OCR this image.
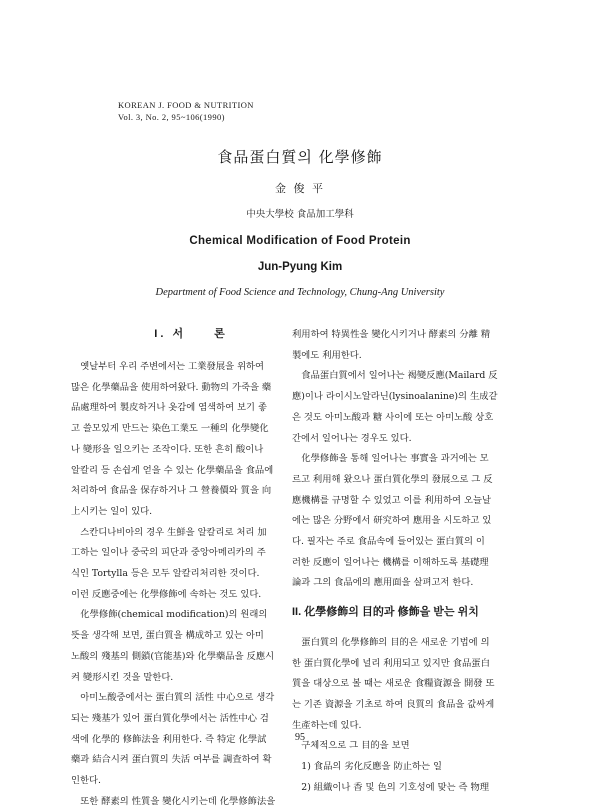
KOREAN J. FOOD & NUTRITION
Vol. 3, No. 2, 95~106(1990)
食品蛋白質의 化學修飾
金 俊 平
中央大學校 食品加工學科
Chemical Modification of Food Protein
Jun-Pyung Kim
Department of Food Science and Technology, Chung-Ang University
I. 서　　론

　옛날부터 우리 주변에서는 工業發展을 위하여

많은 化學藥品을 使用하여왔다. 動物의 가죽을 藥

品處理하여 製皮하거나 옷감에 염색하여 보기 좋

고 쓸모있게 만드는 染色工業도 一種의 化學變化

나 變形을 일으키는 조작이다. 또한 흔히 酸이나

알칼리 등 손쉽게 얻을 수 있는 化學藥品을 食品에

처리하여 食品을 保存하거나 그 營養價와 質을 向

上시키는 일이 있다.

　스칸디나비아의 경우 生鮮을 알칼리로 처리 加

工하는 일이나 중국의 피단과 중앙아메리카의 주

식인 Tortylla 등은 모두 알칼리처리한 것이다.

이런 反應중에는 化學修飾에 속하는 것도 있다.

　化學修飾(chemical modification)의 원래의

뜻을 생각해 보면, 蛋白質을 構成하고 있는 아미

노酸의 殘基의 側鎖(官能基)와 化學藥品을 反應시

켜 變形시킨 것을 말한다.

　아미노酸중에서는 蛋白質의 活性 中心으로 생각

되는 殘基가 있어 蛋白質化學에서는 活性中心 검

색에 化學的 修飾法을 利用한다. 즉 特定 化學試

藥과 結合시켜 蛋白質의 失活 여부를 調査하여 확

인한다.

　또한 酵素의 性質을 變化시키는데 化學修飾法을

利用하여 特異性을 變化시키거나 酵素의 分離 精

製에도 利用한다.

　食品蛋白質에서 일어나는 褐變反應(Mailard 反

應)이나 라이시노알라닌(lysinoalanine)의 生成같

은 것도 아미노酸과 糖 사이에 또는 아미노酸 상호

간에서 일어나는 경우도 있다.

　化學修飾을 통해 일어나는 事實을 과거에는 모

르고 利用해 왔으나 蛋白質化學의 發展으로 그 反

應機構를 규명할 수 있었고 이를 利用하여 오늘날

에는 많은 分野에서 研究하여 應用을 시도하고 있

다. 필자는 주로 食品속에 들어있는 蛋白質의 이

러한 反應이 일어나는 機構를 이해하도록 基礎理

論과 그의 食品에의 應用面을 살펴고저 한다.

II. 化學修飾의 目的과 修飾을 받는 위치

　蛋白質의 化學修飾의 目的은 새로운 기법에 의

한 蛋白質化學에 널리 利用되고 있지만 食品蛋白

質을 대상으로 볼 때는 새로운 食糧資源을 開發 또

는 기존 資源을 기초로 하여 良質의 食品을 값싸게

生產하는데 있다.

　구체적으로 그 目的을 보면

　1) 食品의 劣化反應을 防止하는 일

　2) 組織이나 香 및 色의 기호성에 맞는 즉 物理

95
